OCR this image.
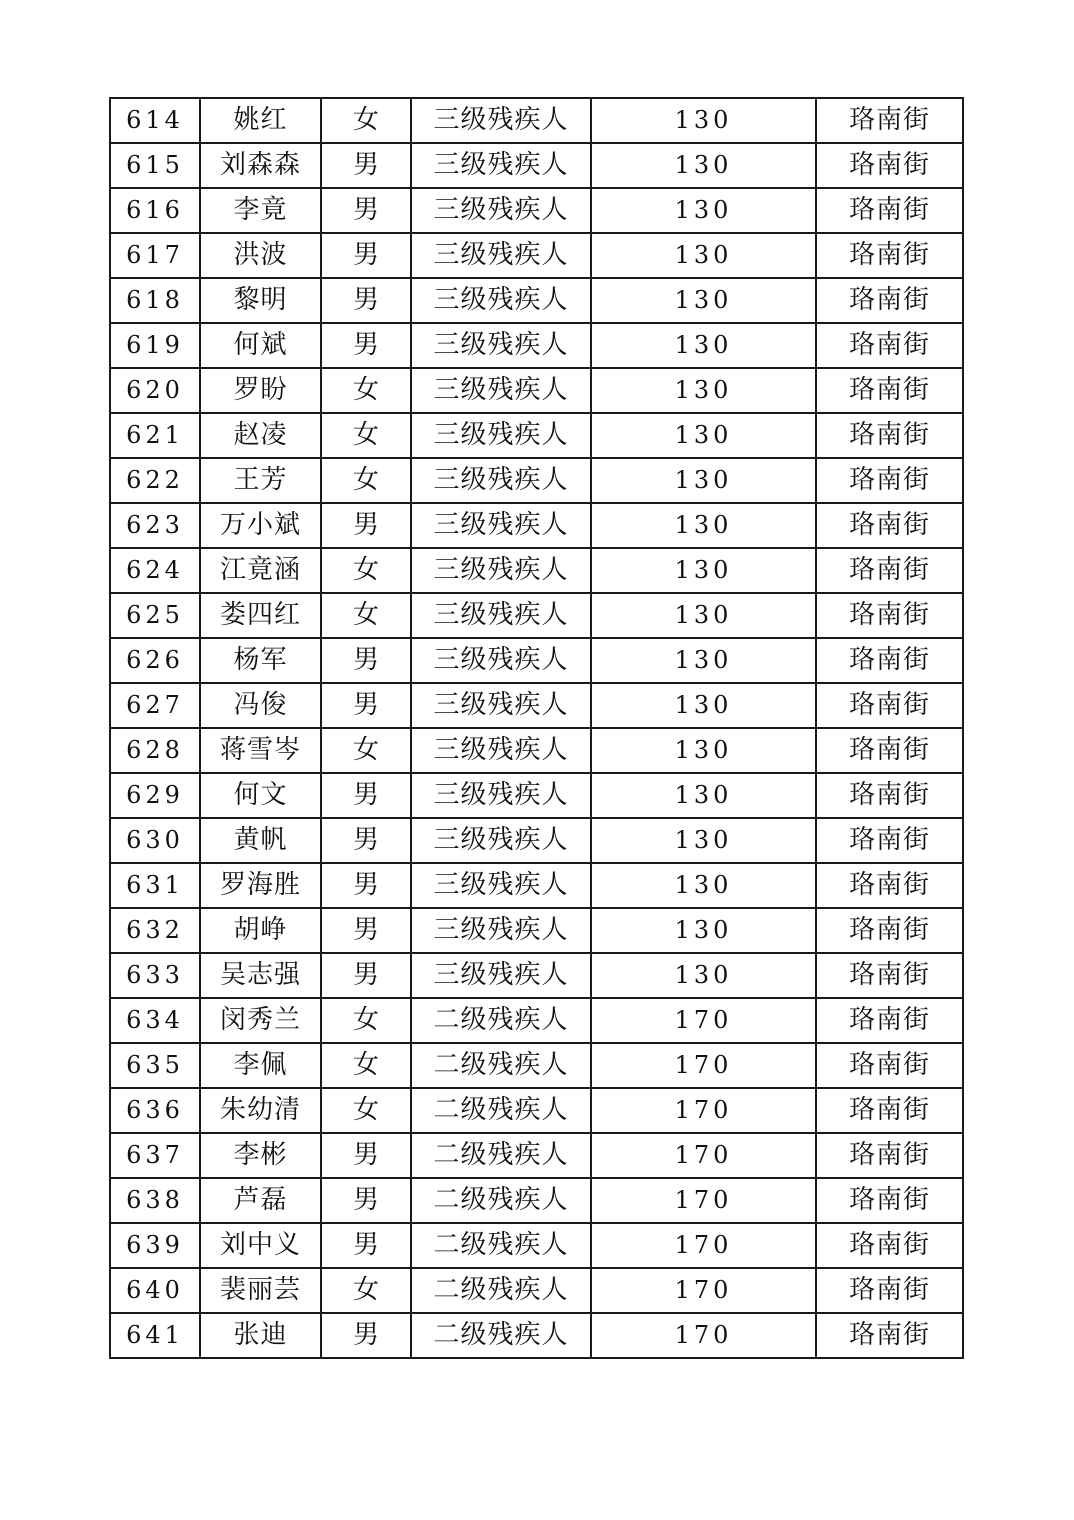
614	姚红	女	三级残疾人	130	珞南街
615	刘森森	男	三级残疾人	130	珞南街
616	李竟	男	三级残疾人	130	珞南街
617	洪波	男	三级残疾人	130	珞南街
618	黎明	男	三级残疾人	130	珞南街
619	何斌	男	三级残疾人	130	珞南街
620	罗盼	女	三级残疾人	130	珞南街
621	赵凌	女	三级残疾人	130	珞南街
622	王芳	女	三级残疾人	130	珞南街
623	万小斌	男	三级残疾人	130	珞南街
624	江竟涵	女	三级残疾人	130	珞南街
625	娄四红	女	三级残疾人	130	珞南街
626	杨军	男	三级残疾人	130	珞南街
627	冯俊	男	三级残疾人	130	珞南街
628	蒋雪岑	女	三级残疾人	130	珞南街
629	何文	男	三级残疾人	130	珞南街
630	黄帆	男	三级残疾人	130	珞南街
631	罗海胜	男	三级残疾人	130	珞南街
632	胡峥	男	三级残疾人	130	珞南街
633	吴志强	男	三级残疾人	130	珞南街
634	闵秀兰	女	二级残疾人	170	珞南街
635	李佩	女	二级残疾人	170	珞南街
636	朱幼清	女	二级残疾人	170	珞南街
637	李彬	男	二级残疾人	170	珞南街
638	芦磊	男	二级残疾人	170	珞南街
639	刘中义	男	二级残疾人	170	珞南街
640	裴丽芸	女	二级残疾人	170	珞南街
641	张迪	男	二级残疾人	170	珞南街
